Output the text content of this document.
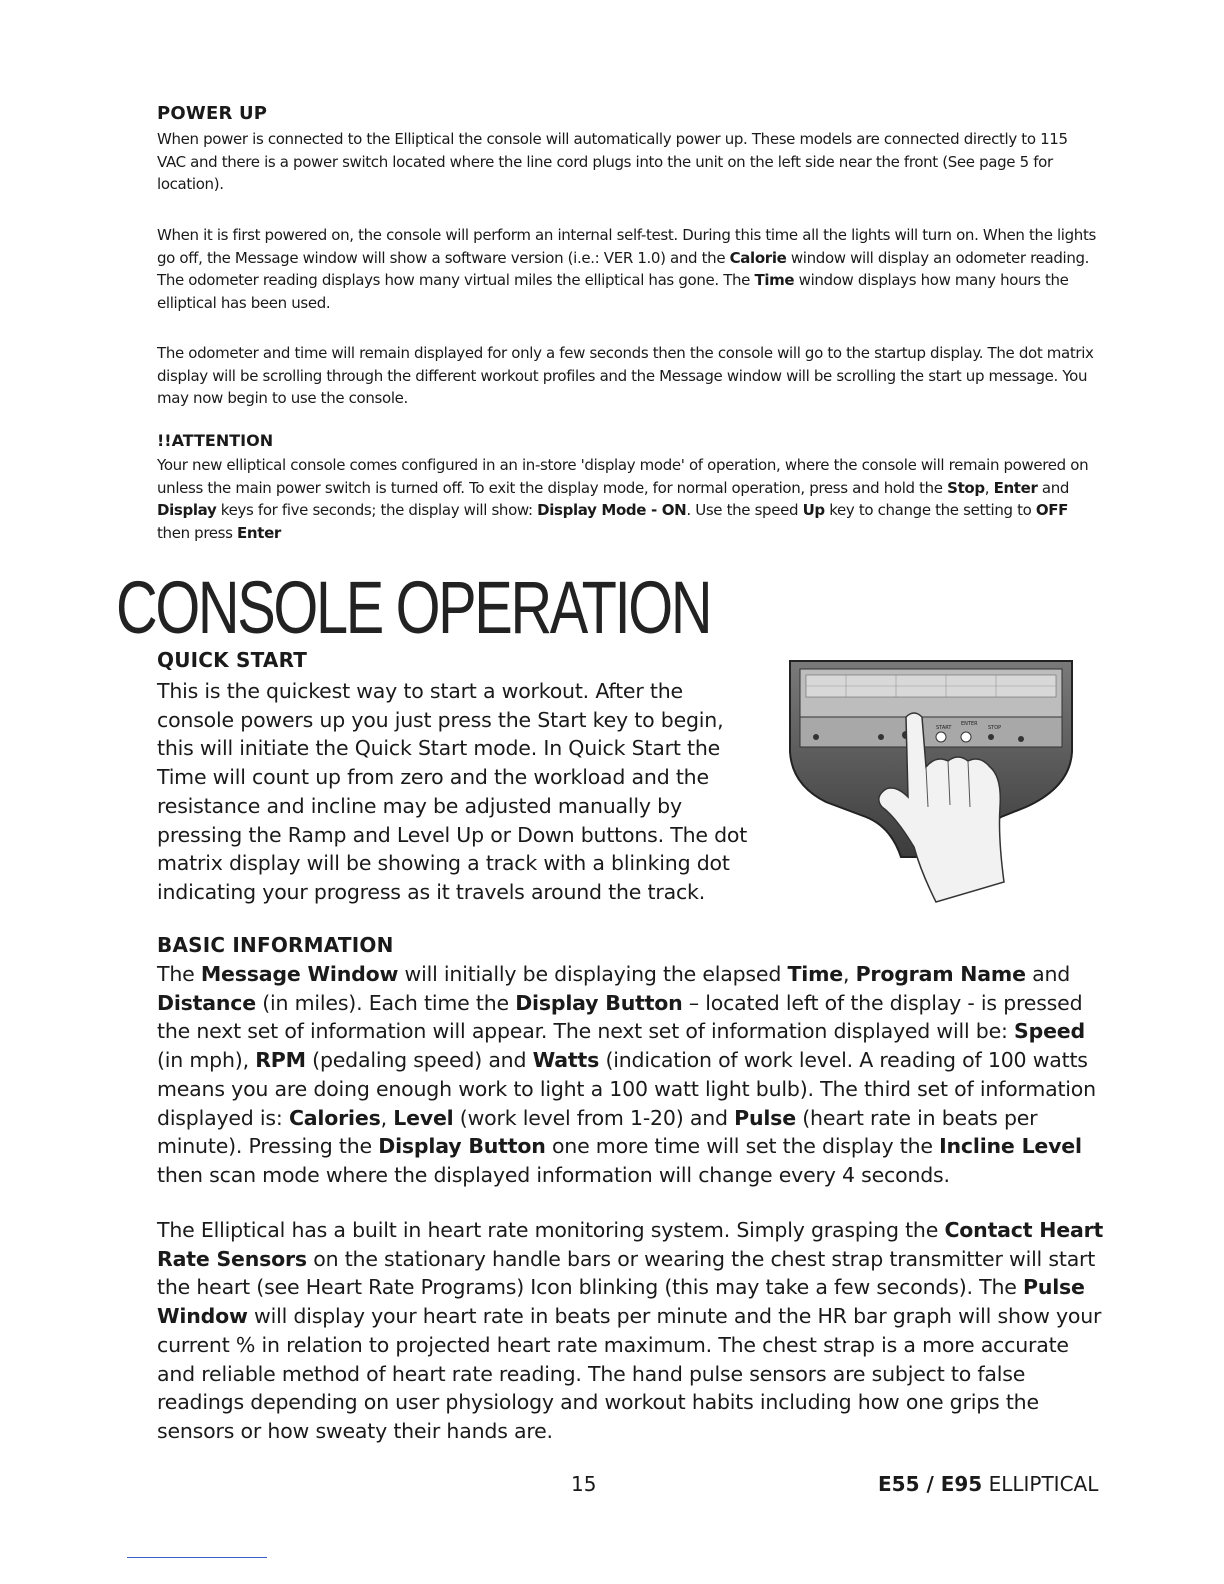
POWER UP

When power is connected to the Elliptical the console will automatically power up. These models are connected directly to 115 VAC and there is a power switch located where the line cord plugs into the unit on the left side near the front (See page 5 for location).

When it is first powered on, the console will perform an internal self-test. During this time all the lights will turn on. When the lights go off, the Message window will show a software version (i.e.: VER 1.0) and the Calorie window will display an odometer reading. The odometer reading displays how many virtual miles the elliptical has gone. The Time window displays how many hours the elliptical has been used.

The odometer and time will remain displayed for only a few seconds then the console will go to the startup display. The dot matrix display will be scrolling through the different workout profiles and the Message window will be scrolling the start up message. You may now begin to use the console.

!!ATTENTION

Your new elliptical console comes configured in an in-store 'display mode' of operation, where the console will remain powered on unless the main power switch is turned off. To exit the display mode, for normal operation, press and hold the Stop, Enter and Display keys for five seconds; the display will show: Display Mode - ON. Use the speed Up key to change the setting to OFF then press Enter

CONSOLE OPERATION
QUICK START

This is the quickest way to start a workout. After the console powers up you just press the Start key to begin, this will initiate the Quick Start mode. In Quick Start the Time will count up from zero and the workload and the resistance and incline may be adjusted manually by pressing the Ramp and Level Up or Down buttons. The dot matrix display will be showing a track with a blinking dot indicating your progress as it travels around the track.

START
ENTER
STOP
BASIC INFORMATION

The Message Window will initially be displaying the elapsed Time, Program Name and Distance (in miles). Each time the Display Button – located left of the display - is pressed the next set of information will appear. The next set of information displayed will be: Speed (in mph), RPM (pedaling speed) and Watts (indication of work level. A reading of 100 watts means you are doing enough work to light a 100 watt light bulb). The third set of information displayed is: Calories, Level (work level from 1-20) and Pulse (heart rate in beats per minute). Pressing the Display Button one more time will set the display the Incline Level then scan mode where the displayed information will change every 4 seconds.

The Elliptical has a built in heart rate monitoring system. Simply grasping the Contact Heart Rate Sensors on the stationary handle bars or wearing the chest strap transmitter will start the heart (see Heart Rate Programs) Icon blinking (this may take a few seconds). The Pulse Window will display your heart rate in beats per minute and the HR bar graph will show your current % in relation to projected heart rate maximum. The chest strap is a more accurate and reliable method of heart rate reading. The hand pulse sensors are subject to false readings depending on user physiology and workout habits including how one grips the sensors or how sweaty their hands are.

15	E55 / E95 ELLIPTICAL
